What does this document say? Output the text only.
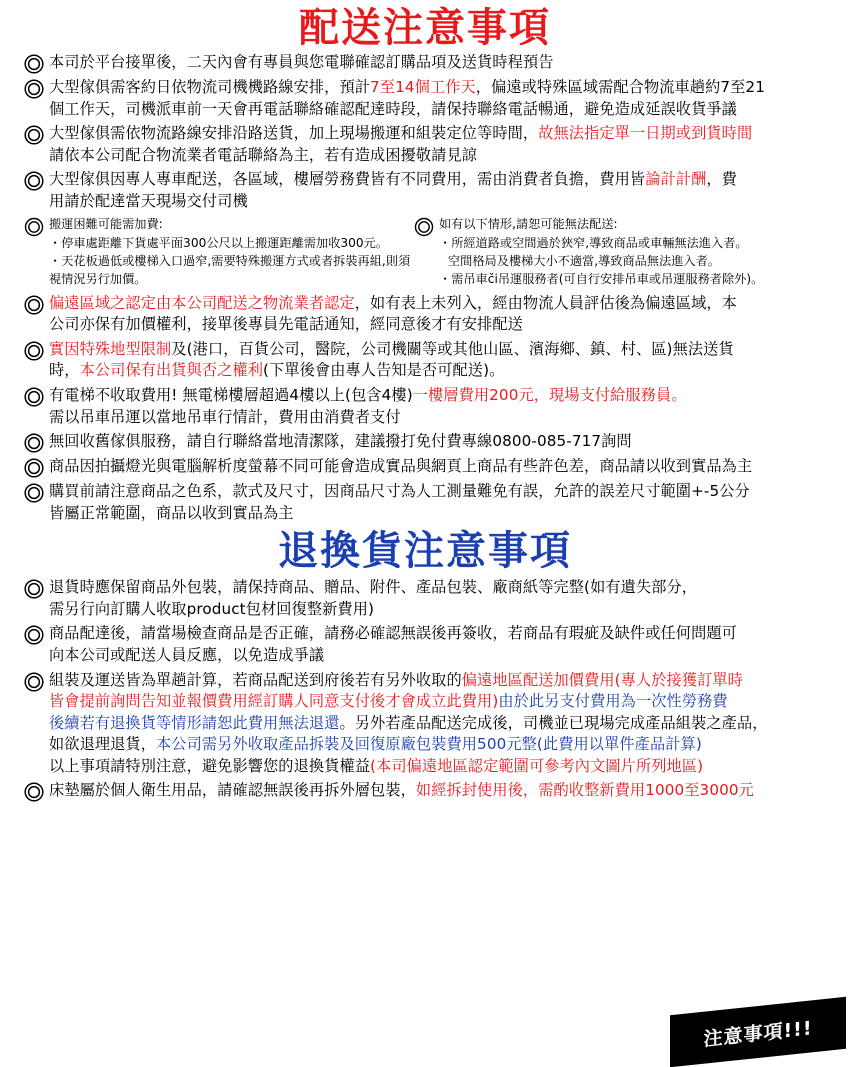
配送注意事項
本司於平台接單後，二天內會有專員與您電聯確認訂購品項及送貨時程預告
大型傢俱需客約日依物流司機機路線安排，預計7至14個工作天，偏遠或特殊區域需配合物流車趟約7至21
個工作天，司機派車前一天會再電話聯絡確認配達時段，請保持聯絡電話暢通，避免造成延誤收貨爭議
大型傢俱需依物流路線安排沿路送貨，加上現場搬運和組裝定位等時間，故無法指定單一日期或到貨時間
請依本公司配合物流業者電話聯絡為主，若有造成困擾敬請見諒
大型傢俱因專人專車配送，各區域，樓層勞務費皆有不同費用，需由消費者負擔，費用皆論計計酬，費
用請於配達當天現場交付司機
搬運困難可能需加費:
・停車處距離下貨處平面300公尺以上搬運距離需加收300元。
・天花板過低或樓梯入口過窄,需要特殊搬運方式或者拆裝再組,則須視情況另行加價。
如有以下情形,請恕可能無法配送:
・所經道路或空間過於狹窄,導致商品或車輛無法進入者。
空間格局及樓梯大小不適當,導致商品無法進入者。
・需吊車či吊運服務者(可自行安排吊車或吊運服務者除外)。
偏遠區域之認定由本公司配送之物流業者認定，如有表上未列入，經由物流人員評估後為偏遠區域，本
公司亦保有加價權利，接單後專員先電話通知，經同意後才有安排配送
實因特殊地型限制及(港口，百貨公司，醫院，公司機關等或其他山區、濱海鄉、鎮、村、區)無法送貨
時，本公司保有出貨與否之權利(下單後會由專人告知是否可配送)。
有電梯不收取費用! 無電梯樓層超過4樓以上(包含4樓)一樓層費用200元，現場支付給服務員。
需以吊車吊運以當地吊車行情計，費用由消費者支付
無回收舊傢俱服務，請自行聯絡當地清潔隊，建議撥打免付費專線0800-085-717詢問
商品因拍攝燈光與電腦解析度螢幕不同可能會造成實品與網頁上商品有些許色差，商品請以收到實品為主
購買前請注意商品之色系，款式及尺寸，因商品尺寸為人工測量難免有誤，允許的誤差尺寸範圍+-5公分
皆屬正常範圍，商品以收到實品為主
退換貨注意事項
退貨時應保留商品外包裝，請保持商品、贈品、附件、產品包裝、廠商紙等完整(如有遺失部分，
需另行向訂購人收取product包材回復整新費用)
商品配達後，請當場檢查商品是否正確，請務必確認無誤後再簽收，若商品有瑕疵及缺件或任何問題可
向本公司或配送人員反應，以免造成爭議
組裝及運送皆為單趟計算，若商品配送到府後若有另外收取的偏遠地區配送加價費用(專人於接獲訂單時
皆會提前詢問告知並報價費用經訂購人同意支付後才會成立此費用)由於此另支付費用為一次性勞務費
後續若有退換貨等情形請恕此費用無法退還。另外若產品配送完成後，司機並已現場完成產品組裝之產品，
如欲退理退貨，本公司需另外收取產品拆裝及回復原廠包裝費用500元整(此費用以單件產品計算)
以上事項請特別注意，避免影響您的退換貨權益(本司偏遠地區認定範圍可參考內文圖片所列地區)
床墊屬於個人衛生用品，請確認無誤後再拆外層包裝，如經拆封使用後，需酌收整新費用1000至3000元
注意事項!!!
